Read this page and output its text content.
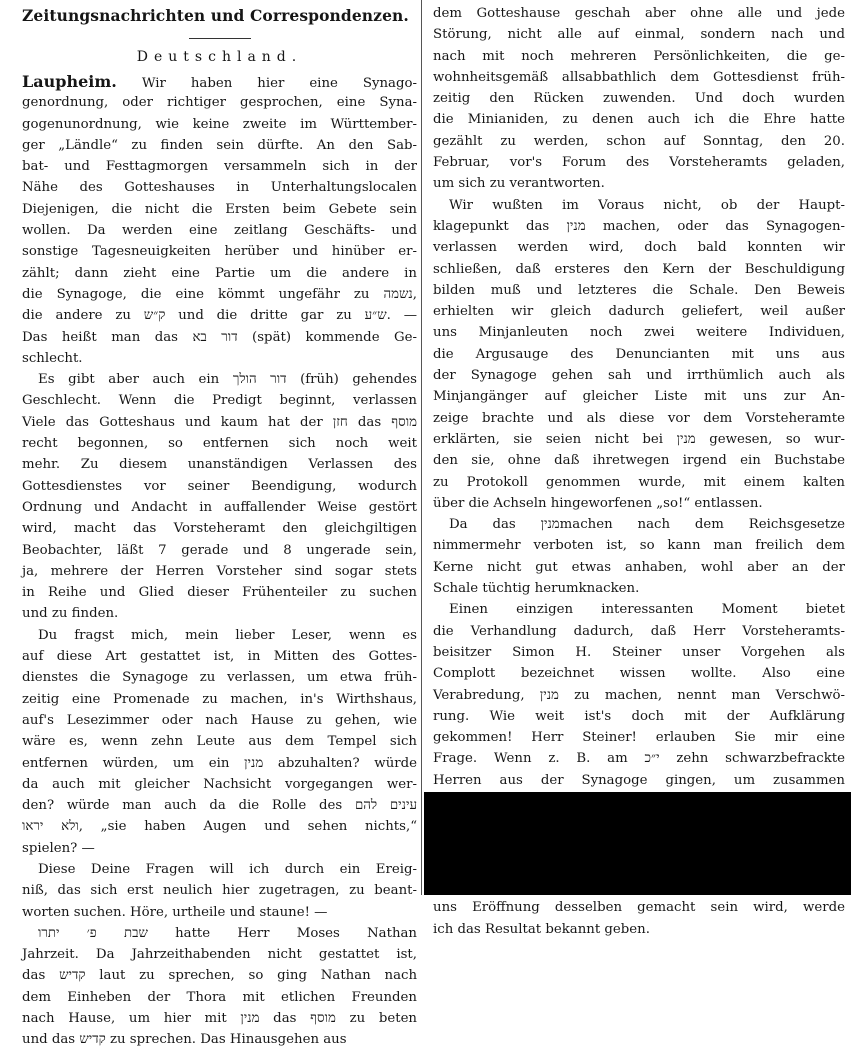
Zeitungsnachrichten und Correspondenzen.

Deutschland.

Laupheim. Wir haben hier eine Synago-
genordnung, oder richtiger gesprochen, eine Syna-
gogenunordnung, wie keine zweite im Württember-
ger „Ländle“ zu finden sein dürfte. An den Sab-
bat- und Festtagmorgen versammeln sich in der
Nähe des Gotteshauses in Unterhaltungslocalen
Diejenigen, die nicht die Ersten beim Gebete sein
wollen. Da werden eine zeitlang Geschäfts- und
sonstige Tagesneuigkeiten herüber und hinüber er-
zählt; dann zieht eine Partie um die andere in
die Synagoge, die eine kömmt ungefähr zu נשמה,
die andere zu ק״ש und die dritte gar zu ש״ע. —
Das heißt man das דור בא (spät) kommende Ge-
schlecht.
Es gibt aber auch ein דור הולך (früh) gehendes
Geschlecht. Wenn die Predigt beginnt, verlassen
Viele das Gotteshaus und kaum hat der חזן das מוסף
recht begonnen, so entfernen sich noch weit
mehr. Zu diesem unanständigen Verlassen des
Gottesdienstes vor seiner Beendigung, wodurch
Ordnung und Andacht in auffallender Weise gestört
wird, macht das Vorsteheramt den gleichgiltigen
Beobachter, läßt 7 gerade und 8 ungerade sein,
ja, mehrere der Herren Vorsteher sind sogar stets
in Reihe und Glied dieser Frühenteiler zu suchen
und zu finden.
Du fragst mich, mein lieber Leser, wenn es
auf diese Art gestattet ist, in Mitten des Gottes-
dienstes die Synagoge zu verlassen, um etwa früh-
zeitig eine Promenade zu machen, in's Wirthshaus,
auf's Lesezimmer oder nach Hause zu gehen, wie
wäre es, wenn zehn Leute aus dem Tempel sich
entfernen würden, um ein מנין abzuhalten? würde
da auch mit gleicher Nachsicht vorgegangen wer-
den? würde man auch da die Rolle des עינים להם
ולא יראו, „sie haben Augen und sehen nichts,“
spielen? —
Diese Deine Fragen will ich durch ein Ereig-
niß, das sich erst neulich hier zugetragen, zu beant-
worten suchen. Höre, urtheile und staune! —
שבת פ׳ יתרו hatte Herr Moses Nathan
Jahrzeit. Da Jahrzeithabenden nicht gestattet ist,
das קדיש laut zu sprechen, so ging Nathan nach
dem Einheben der Thora mit etlichen Freunden
nach Hause, um hier mit מנין das מוסף zu beten
und das קדיש zu sprechen. Das Hinausgehen aus
dem Gotteshause geschah aber ohne alle und jede
Störung, nicht alle auf einmal, sondern nach und
nach mit noch mehreren Persönlichkeiten, die ge-
wohnheitsgemäß allsabbathlich dem Gottesdienst früh-
zeitig den Rücken zuwenden. Und doch wurden
die Minianiden, zu denen auch ich die Ehre hatte
gezählt zu werden, schon auf Sonntag, den 20.
Februar, vor's Forum des Vorsteheramts geladen,
um sich zu verantworten.
Wir wußten im Voraus nicht, ob der Haupt-
klagepunkt das מנין machen, oder das Synagogen-
verlassen werden wird, doch bald konnten wir
schließen, daß ersteres den Kern der Beschuldigung
bilden muß und letzteres die Schale. Den Beweis
erhielten wir gleich dadurch geliefert, weil außer
uns Minjanleuten noch zwei weitere Individuen,
die Argusauge des Denuncianten mit uns aus
der Synagoge gehen sah und irrthümlich auch als
Minjangänger auf gleicher Liste mit uns zur An-
zeige brachte und als diese vor dem Vorsteheramte
erklärten, sie seien nicht bei מנין gewesen, so wur-
den sie, ohne daß ihretwegen irgend ein Buchstabe
zu Protokoll genommen wurde, mit einem kalten
über die Achseln hingeworfenen „so!“ entlassen.
Da das מניןmachen nach dem Reichsgesetze
nimmermehr verboten ist, so kann man freilich dem
Kerne nicht gut etwas anhaben, wohl aber an der
Schale tüchtig herumknacken.
Einen einzigen interessanten Moment bietet
die Verhandlung dadurch, daß Herr Vorsteheramts-
beisitzer Simon H. Steiner unser Vorgehen als
Complott bezeichnet wissen wollte. Also eine
Verabredung, מנין zu machen, nennt man Verschwö-
rung. Wie weit ist's doch mit der Aufklärung
gekommen! Herr Steiner! erlauben Sie mir eine
Frage. Wenn z. B. am י״כ zehn schwarzbefrackte
Herren aus der Synagoge gingen, um zusammen
uns Eröffnung desselben gemacht sein wird, werde
ich das Resultat bekannt geben.
